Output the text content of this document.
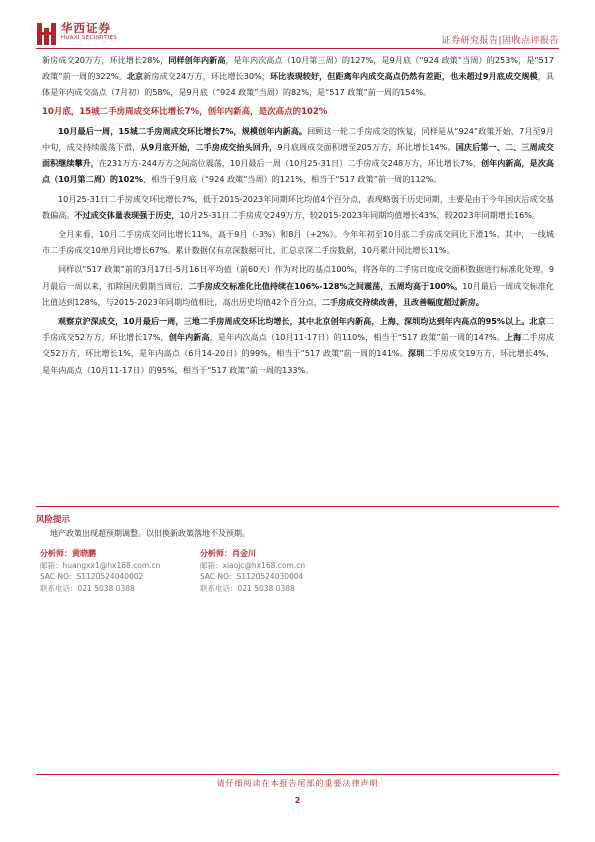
华西证券
HUAXI SECURITIES	证券研究报告|固收点评报告

新房成交20万方，环比增长28%，同样创年内新高，是年内次高点（10月第三周）的127%，是9月底（“924 政策”当周）的253%，是“517 政策”前一周的322%。北京新房成交24万方，环比增长30%，环比表现较好，但距离年内成交高点仍然有差距，也未超过9月底成交规模，具体是年内成交高点（7月初）的58%，是9月底（“924 政策”当周）的82%，是“517 政策”前一周的154%。

10月底，15城二手房周成交环比增长7%，创年内新高，是次高点的102%

10月最后一周，15城二手房周成交环比增长7%，规模创年内新高。回顾这一轮二手房成交的恢复，同样是从“924”政策开始，7月至9月中旬，成交持续震荡下滑，从9月底开始，二手房成交抬头回升，9月底周成交面积增至205万方，环比增长14%。国庆后第一、二、三周成交面积继续攀升，在231万方-244万方之间高位震荡，10月最后一周（10月25-31日）二手房成交248万方，环比增长7%，创年内新高，是次高点（10月第二周）的102%，相当于9月底（“924 政策”当周）的121%，相当于“517 政策”前一周的112%。

10月25-31日二手房成交环比增长7%，低于2015-2023年同期环比均值4个百分点，表现略弱于历史同期，主要是由于今年国庆后成交基数偏高。不过成交体量表现强于历史，10月25-31日二手房成交249万方，较2015-2023年同期均值增长43%，较2023年同期增长16%。

全月来看，10月二手房成交同比增长11%，高于9月（-3%）和8月（+2%）。今年年初至10月底二手房成交同比下滑1%。其中，一线城市二手房成交10单月同比增长67%。累计数据仅有京深数据可比，汇总京深二手房数据，10月累计同比增长11%。

同样以“517 政策”前的3月17日-5月16日平均值（前60天）作为对比的基点100%，将各年的二手房日度成交面积数据进行标准化处理，9月最后一周以来，扣除国庆假期当周后，二手房成交标准化比值持续在106%-128%之间震荡，五周均高于100%。10月最后一周成交标准化比值达到128%，与2015-2023年同期均值相比，高出历史均值42个百分点，二手房成交持续改善，且改善幅度超过新房。

观察京沪深成交，10月最后一周，三地二手房周成交环比均增长，其中北京创年内新高，上海、深圳均达到年内高点的95%以上。北京二手房成交52万方，环比增长17%，创年内新高，是年内次高点（10月11-17日）的110%，相当于“517 政策”前一周的147%。上海二手房成交52万方，环比增长1%，是年内高点（6月14-20日）的99%，相当于“517 政策”前一周的141%。深圳二手房成交19万方，环比增长4%，是年内高点（10月11-17日）的95%，相当于“517 政策”前一周的133%。

风险提示
地产政策出现超预期调整。以旧换新政策落地不及预期。
分析师：黄晓鹏
邮箱：huangxx1@hx168.com.cn
SAC NO：S1120524040002
联系电话：021 5038 0388
分析师：肖金川
邮箱：xiaojc@hx168.com.cn
SAC NO：S1120524030004
联系电话：021 5038 0388
请仔细阅读在本报告尾部的重要法律声明
2
